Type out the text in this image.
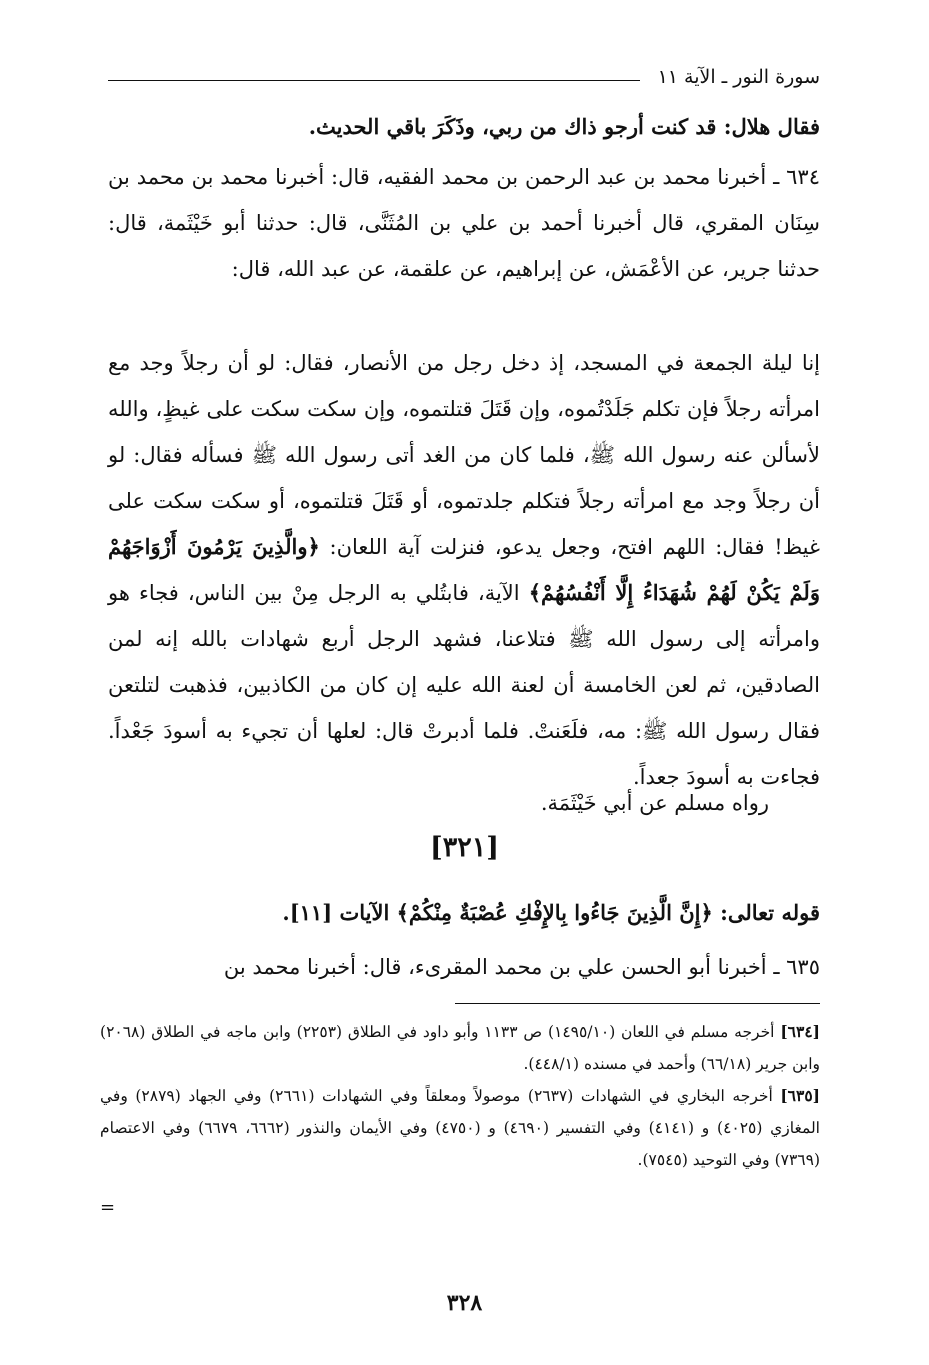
سورة النور ـ الآية ١١
فقال هلال: قد كنت أرجو ذاك من ربي، وذَكَرَ باقي الحديث.
٦٣٤ ـ أخبرنا محمد بن عبد الرحمن بن محمد الفقيه، قال: أخبرنا محمد بن محمد بن سِنَان المقري، قال أخبرنا أحمد بن علي بن المُثَنَّى، قال: حدثنا أبو خَيْثَمة، قال: حدثنا جرير، عن الأعْمَش، عن إبراهيم، عن علقمة، عن عبد الله، قال:
إنا ليلة الجمعة في المسجد، إذ دخل رجل من الأنصار، فقال: لو أن رجلاً وجد مع امرأته رجلاً فإن تكلم جَلَدْتُموه، وإن قَتَلَ قتلتموه، وإن سكت سكت على غيظٍ، والله لأسألن عنه رسول الله ﷺ، فلما كان من الغد أتى رسول الله ﷺ فسأله فقال: لو أن رجلاً وجد مع امرأته رجلاً فتكلم جلدتموه، أو قَتَلَ قتلتموه، أو سكت سكت على غيظ! فقال: اللهم افتح، وجعل يدعو، فنزلت آية اللعان: ﴿والَّذِينَ يَرْمُونَ أَزْوَاجَهُمْ وَلَمْ يَكُنْ لَهُمْ شُهَدَاءُ إِلَّا أَنْفُسُهُمْ﴾ الآية، فابتُلي به الرجل مِنْ بين الناس، فجاء هو وامرأته إلى رسول الله ﷺ فتلاعنا، فشهد الرجل أربع شهادات بالله إنه لمن الصادقين، ثم لعن الخامسة أن لعنة الله عليه إن كان من الكاذبين، فذهبت لتلتعن فقال رسول الله ﷺ: مه، فلَعَنتْ. فلما أدبرتْ قال: لعلها أن تجيء به أسودَ جَعْداً. فجاءت به أسودَ جعداً.
رواه مسلم عن أبي خَيْثَمَة.
[٣٢١]
قوله تعالى: ﴿إِنَّ الَّذِينَ جَاءُوا بِالإِفْكِ عُصْبَةٌ مِنْكُمْ﴾ الآيات [١١].
٦٣٥ ـ أخبرنا أبو الحسن علي بن محمد المقرىء، قال: أخبرنا محمد بن
[٦٣٤] أخرجه مسلم في اللعان (١٤٩٥/١٠) ص ١١٣٣ وأبو داود في الطلاق (٢٢٥٣) وابن ماجه في الطلاق (٢٠٦٨) وابن جرير (٦٦/١٨) وأحمد في مسنده (٤٤٨/١).
[٦٣٥] أخرجه البخاري في الشهادات (٢٦٣٧) موصولاً ومعلقاً وفي الشهادات (٢٦٦١) وفي الجهاد (٢٨٧٩) وفي المغازي (٤٠٢٥) و (٤١٤١) وفي التفسير (٤٦٩٠) و (٤٧٥٠) وفي الأيمان والنذور (٦٦٦٢، ٦٦٧٩) وفي الاعتصام (٧٣٦٩) وفي التوحيد (٧٥٤٥).
=
٣٢٨
